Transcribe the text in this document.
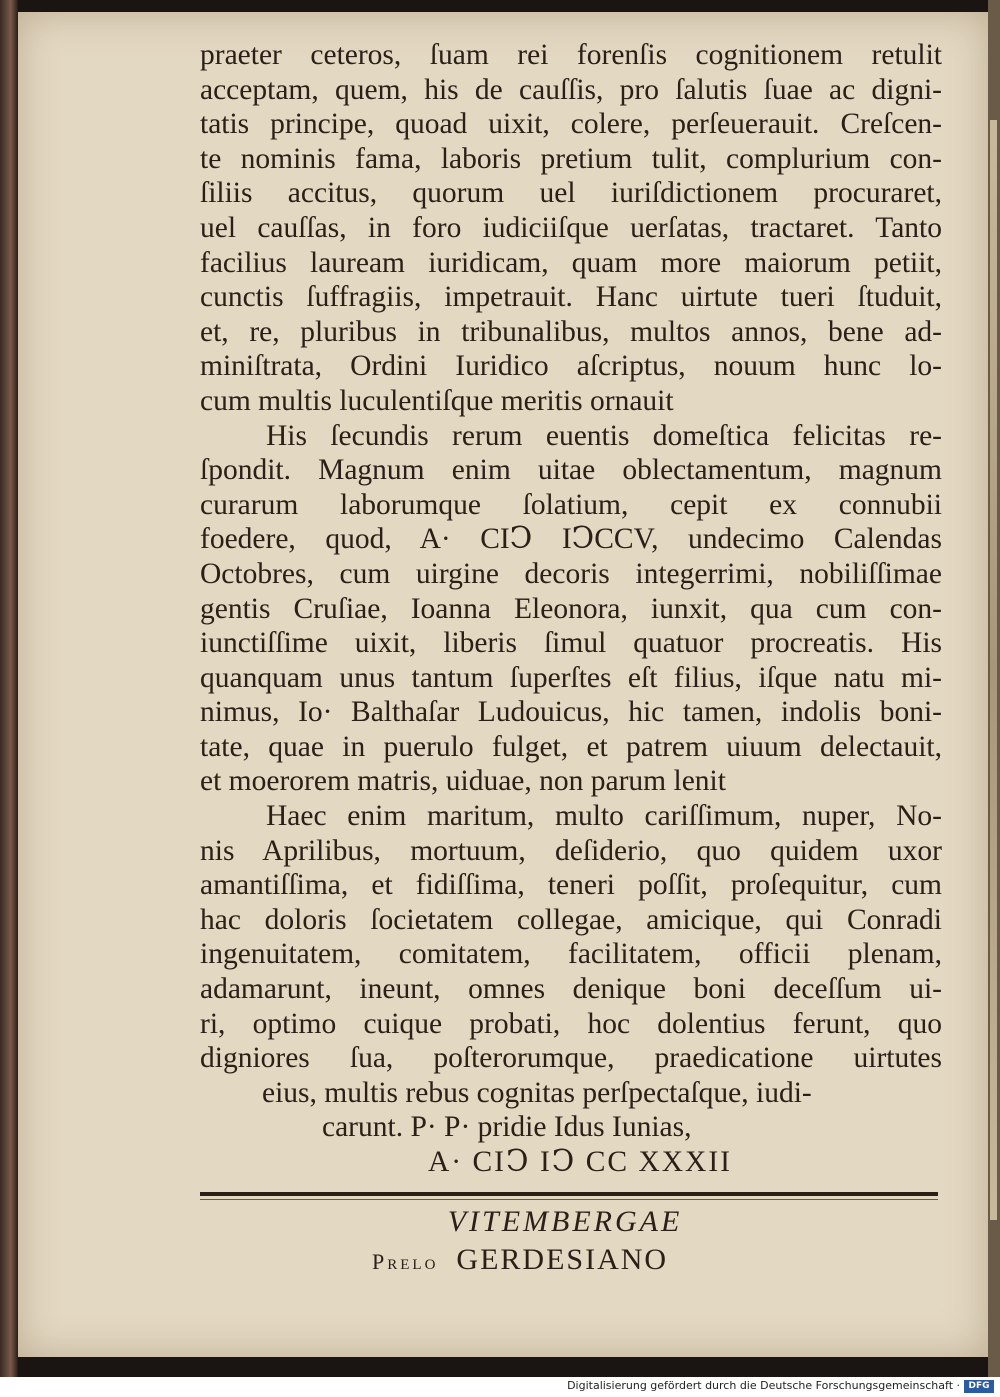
praeter ceteros, ſuam rei forenſis cognitionem retulit
acceptam, quem, his de cauſſis, pro ſalutis ſuae ac digni-
tatis principe, quoad uixit, colere, perſeuerauit. Creſcen-
te nominis fama, laboris pretium tulit, complurium con-
ſiliis accitus, quorum uel iuriſdictionem procuraret,
uel cauſſas, in foro iudiciiſque uerſatas, tractaret. Tanto
facilius lauream iuridicam, quam more maiorum petiit,
cunctis ſuffragiis, impetrauit. Hanc uirtute tueri ſtuduit,
et, re, pluribus in tribunalibus, multos annos, bene ad-
miniſtrata, Ordini Iuridico aſcriptus, nouum hunc lo-
cum multis luculentiſque meritis ornauit
His ſecundis rerum euentis domeſtica felicitas re-
ſpondit. Magnum enim uitae oblectamentum, magnum
curarum laborumque ſolatium, cepit ex connubii
foedere, quod, A· CIↃ IↃCCV, undecimo Calendas
Octobres, cum uirgine decoris integerrimi, nobiliſſimae
gentis Cruſiae, Ioanna Eleonora, iunxit, qua cum con-
iunctiſſime uixit, liberis ſimul quatuor procreatis. His
quanquam unus tantum ſuperſtes eſt filius, iſque natu mi-
nimus, Io· Balthaſar Ludouicus, hic tamen, indolis boni-
tate, quae in puerulo fulget, et patrem uiuum delectauit,
et moerorem matris, uiduae, non parum lenit
Haec enim maritum, multo cariſſimum, nuper, No-
nis Aprilibus, mortuum, deſiderio, quo quidem uxor
amantiſſima, et fidiſſima, teneri poſſit, proſequitur, cum
hac doloris ſocietatem collegae, amicique, qui Conradi
ingenuitatem, comitatem, facilitatem, officii plenam,
adamarunt, ineunt, omnes denique boni deceſſum ui-
ri, optimo cuique probati, hoc dolentius ferunt, quo
digniores ſua, poſterorumque, praedicatione uirtutes
eius, multis rebus cognitas perſpectaſque, iudi-
carunt. P· P· pridie Idus Iunias,
A· CIↃ IↃ CC XXXII
VITEMBERGAE
Prelo GERDESIANO
Digitalisierung gefördert durch die Deutsche Forschungsgemeinschaft · DFG
